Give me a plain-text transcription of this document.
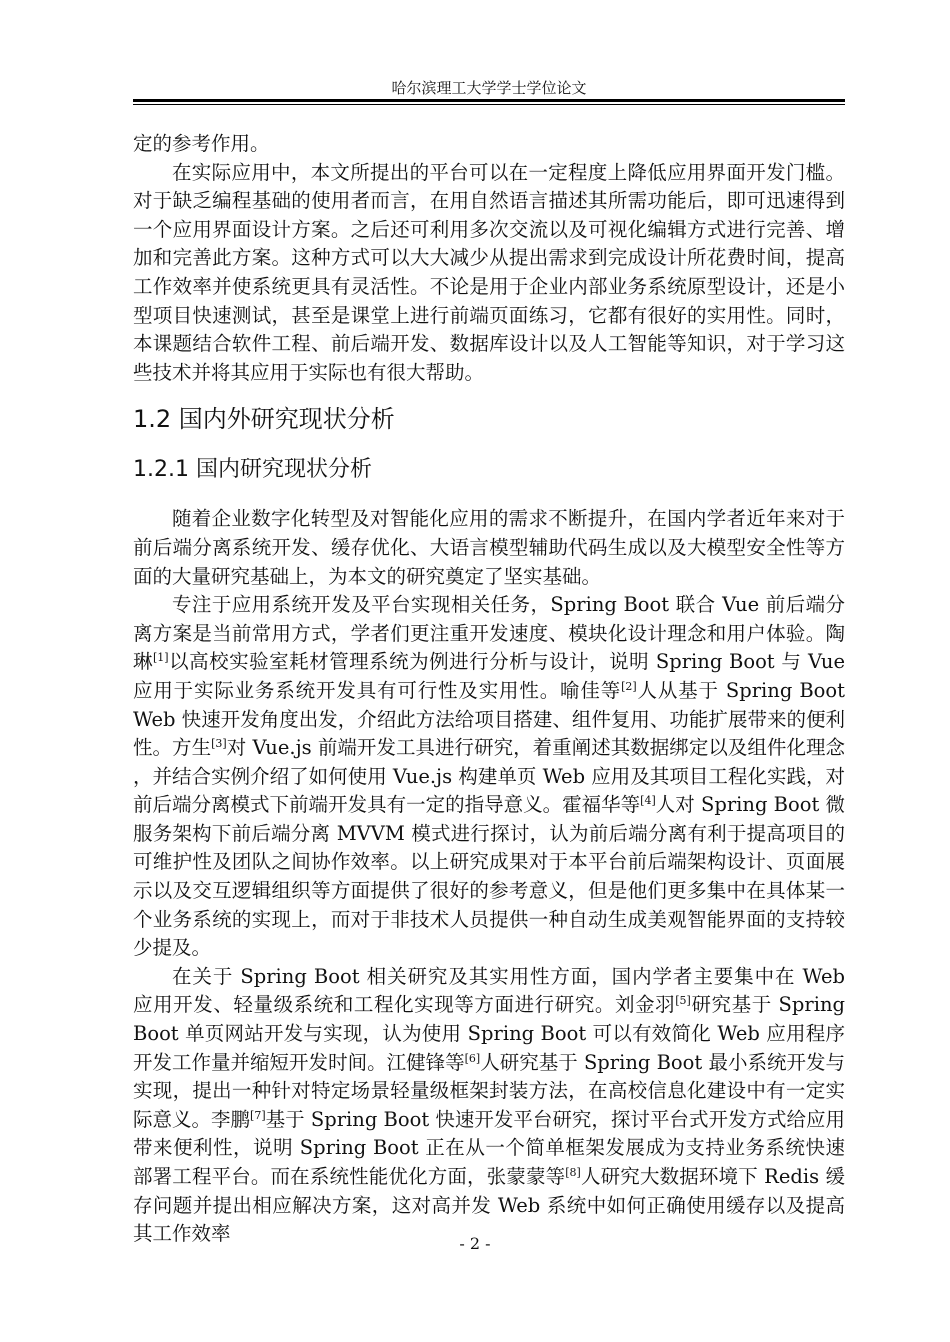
哈尔滨理工大学学士学位论文

定的参考作用。

在实际应用中，本文所提出的平台可以在一定程度上降低应用界面开发门槛。对于缺乏编程基础的使用者而言，在用自然语言描述其所需功能后，即可迅速得到一个应用界面设计方案。之后还可利用多次交流以及可视化编辑方式进行完善、增加和完善此方案。这种方式可以大大减少从提出需求到完成设计所花费时间，提高工作效率并使系统更具有灵活性。不论是用于企业内部业务系统原型设计，还是小型项目快速测试，甚至是课堂上进行前端页面练习，它都有很好的实用性。同时，本课题结合软件工程、前后端开发、数据库设计以及人工智能等知识，对于学习这些技术并将其应用于实际也有很大帮助。

1.2 国内外研究现状分析
1.2.1 国内研究现状分析

随着企业数字化转型及对智能化应用的需求不断提升，在国内学者近年来对于前后端分离系统开发、缓存优化、大语言模型辅助代码生成以及大模型安全性等方面的大量研究基础上，为本文的研究奠定了坚实基础。

专注于应用系统开发及平台实现相关任务，Spring Boot 联合 Vue 前后端分离方案是当前常用方式，学者们更注重开发速度、模块化设计理念和用户体验。陶琳[1]以高校实验室耗材管理系统为例进行分析与设计，说明 Spring Boot 与 Vue 应用于实际业务系统开发具有可行性及实用性。喻佳等[2]人从基于 Spring Boot Web 快速开发角度出发，介绍此方法给项目搭建、组件复用、功能扩展带来的便利性。方生[3]对 Vue.js 前端开发工具进行研究，着重阐述其数据绑定以及组件化理念，并结合实例介绍了如何使用 Vue.js 构建单页 Web 应用及其项目工程化实践，对前后端分离模式下前端开发具有一定的指导意义。霍福华等[4]人对 Spring Boot 微服务架构下前后端分离 MVVM 模式进行探讨，认为前后端分离有利于提高项目的可维护性及团队之间协作效率。以上研究成果对于本平台前后端架构设计、页面展示以及交互逻辑组织等方面提供了很好的参考意义，但是他们更多集中在具体某一个业务系统的实现上，而对于非技术人员提供一种自动生成美观智能界面的支持较少提及。

在关于 Spring Boot 相关研究及其实用性方面，国内学者主要集中在 Web 应用开发、轻量级系统和工程化实现等方面进行研究。刘金羽[5]研究基于 Spring Boot 单页网站开发与实现，认为使用 Spring Boot 可以有效简化 Web 应用程序开发工作量并缩短开发时间。江健锋等[6]人研究基于 Spring Boot 最小系统开发与实现，提出一种针对特定场景轻量级框架封装方法，在高校信息化建设中有一定实际意义。李鹏[7]基于 Spring Boot 快速开发平台研究，探讨平台式开发方式给应用带来便利性，说明 Spring Boot 正在从一个简单框架发展成为支持业务系统快速部署工程平台。而在系统性能优化方面，张蒙蒙等[8]人研究大数据环境下 Redis 缓存问题并提出相应解决方案，这对高并发 Web 系统中如何正确使用缓存以及提高其工作效率	- 2 -
